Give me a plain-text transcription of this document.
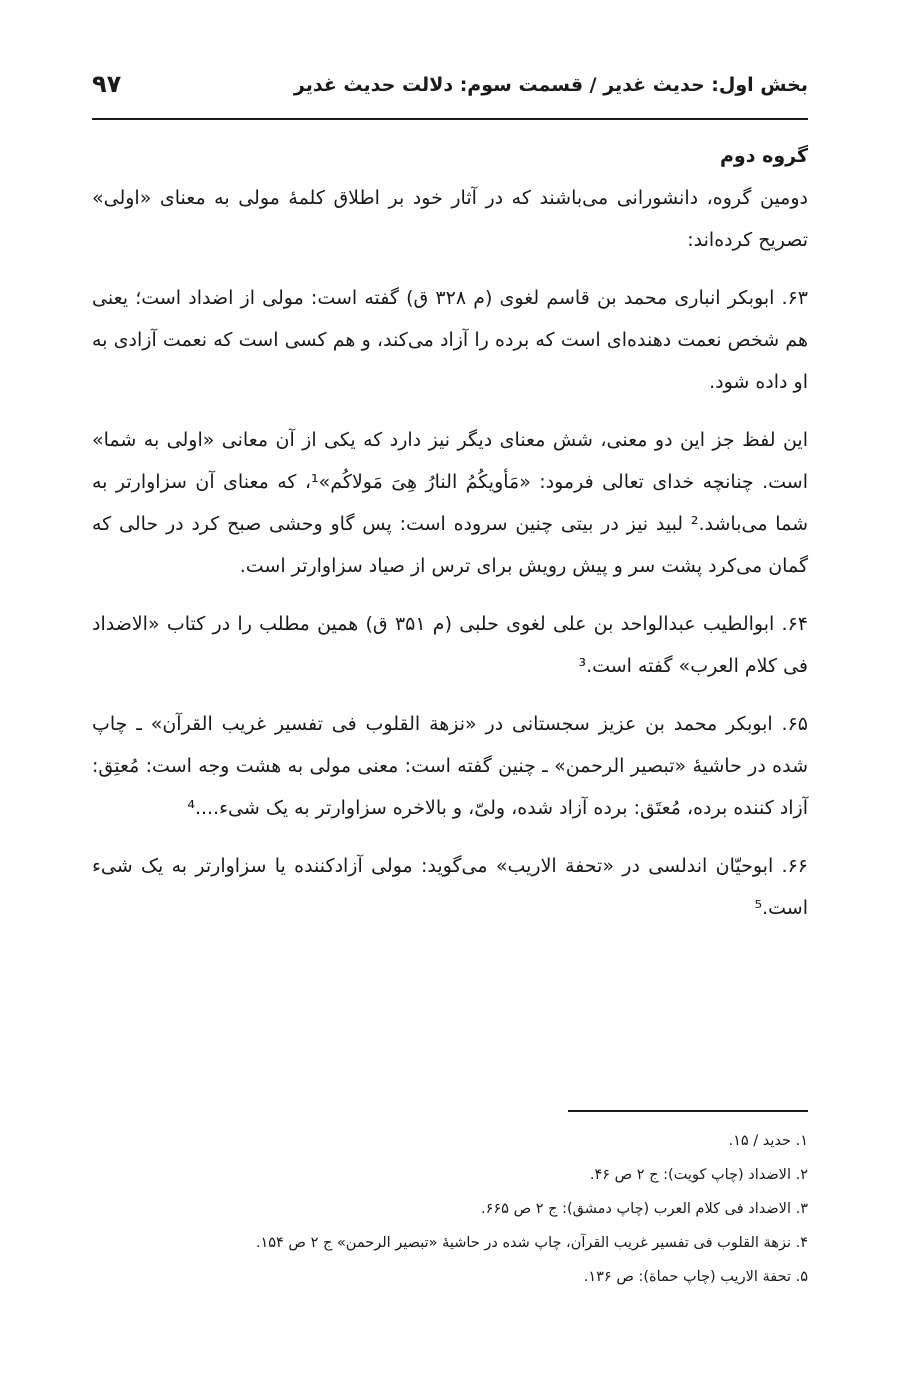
بخش اول: حدیث غدیر / قسمت سوم: دلالت حدیث غدیر
۹۷
گروه دوم

دومین گروه، دانشورانی می‌باشند که در آثار خود بر اطلاق کلمهٔ مولی به معنای «اولی» تصریح کرده‌اند:

۶۳. ابوبکر انباری محمد بن قاسم لغوی (م ۳۲۸ ق) گفته است: مولی از اضداد است؛ یعنی هم شخص نعمت دهنده‌ای است که برده را آزاد می‌کند، و هم کسی است که نعمت آزادی به او داده شود.

این لفظ جز این دو معنی، شش معنای دیگر نیز دارد که یکی از آن معانی «اولی به شما» است. چنانچه خدای تعالی فرمود: «مَأویکُمُ النارُ هِیَ مَولاکُم»¹، که معنای آن سزاوارتر به شما می‌باشد.² لبید نیز در بیتی چنین سروده است: پس گاو وحشی صبح کرد در حالی که گمان می‌کرد پشت سر و پیش رویش برای ترس از صیاد سزاوارتر است.

۶۴. ابوالطیب عبدالواحد بن علی لغوی حلبی (م ۳۵۱ ق) همین مطلب را در کتاب «الاضداد فی کلام العرب» گفته است.³

۶۵. ابوبکر محمد بن عزیز سجستانی در «نزهة القلوب فی تفسیر غریب القرآن» ـ چاپ شده در حاشیهٔ «تبصیر الرحمن» ـ چنین گفته است: معنی مولی به هشت وجه است: مُعتِق: آزاد کننده برده، مُعتَق: برده آزاد شده، ولیّ، و بالاخره سزاوارتر به یک شیء....⁴

۶۶. ابوحیّان اندلسی در «تحفة الاریب» می‌گوید: مولی آزادکننده یا سزاوارتر به یک شیء است.⁵

۱. حدید / ۱۵.
۲. الاضداد (چاپ کویت): ج ۲ ص ۴۶.
۳. الاضداد فی کلام العرب (چاپ دمشق): ج ۲ ص ۶۶۵.
۴. نزهة القلوب فی تفسیر غریب القرآن، چاپ شده در حاشیهٔ «تبصیر الرحمن» ج ۲ ص ۱۵۴.
۵. تحفة الاریب (چاپ حماة): ص ۱۳۶.
